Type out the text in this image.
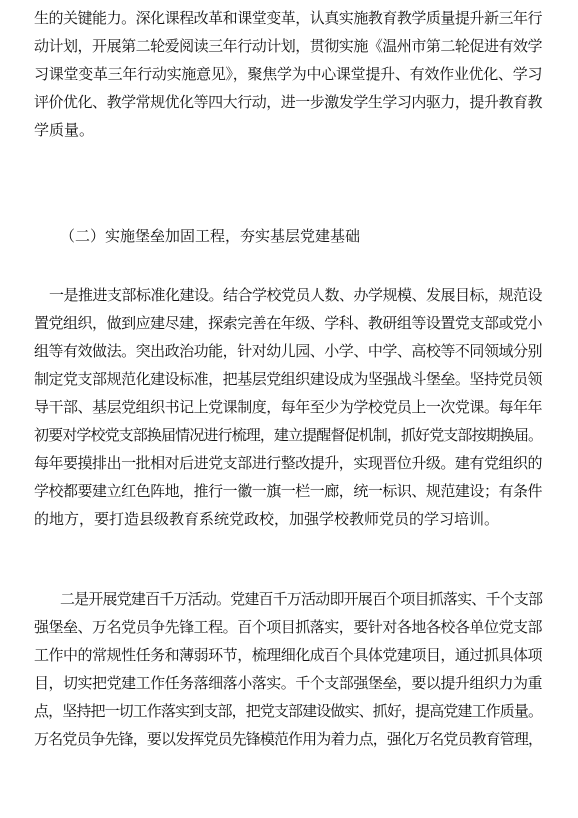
生的关键能力。深化课程改革和课堂变革，认真实施教育教学质量提升新三年行
动计划，开展第二轮爱阅读三年行动计划，贯彻实施《温州市第二轮促进有效学
习课堂变革三年行动实施意见》，聚焦学为中心课堂提升、有效作业优化、学习
评价优化、教学常规优化等四大行动，进一步激发学生学习内驱力，提升教育教
学质量。
（二）实施堡垒加固工程，夯实基层党建基础
一是推进支部标准化建设。结合学校党员人数、办学规模、发展目标，规范设
置党组织，做到应建尽建，探索完善在年级、学科、教研组等设置党支部或党小
组等有效做法。突出政治功能，针对幼儿园、小学、中学、高校等不同领域分别
制定党支部规范化建设标准，把基层党组织建设成为坚强战斗堡垒。坚持党员领
导干部、基层党组织书记上党课制度，每年至少为学校党员上一次党课。每年年
初要对学校党支部换届情况进行梳理，建立提醒督促机制，抓好党支部按期换届。
每年要摸排出一批相对后进党支部进行整改提升，实现晋位升级。建有党组织的
学校都要建立红色阵地，推行一徽一旗一栏一廊，统一标识、规范建设；有条件
的地方，要打造县级教育系统党政校，加强学校教师党员的学习培训。
二是开展党建百千万活动。党建百千万活动即开展百个项目抓落实、千个支部
强堡垒、万名党员争先锋工程。百个项目抓落实，要针对各地各校各单位党支部
工作中的常规性任务和薄弱环节，梳理细化成百个具体党建项目，通过抓具体项
目，切实把党建工作任务落细落小落实。千个支部强堡垒，要以提升组织力为重
点，坚持把一切工作落实到支部，把党支部建设做实、抓好，提高党建工作质量。
万名党员争先锋，要以发挥党员先锋模范作用为着力点，强化万名党员教育管理，
